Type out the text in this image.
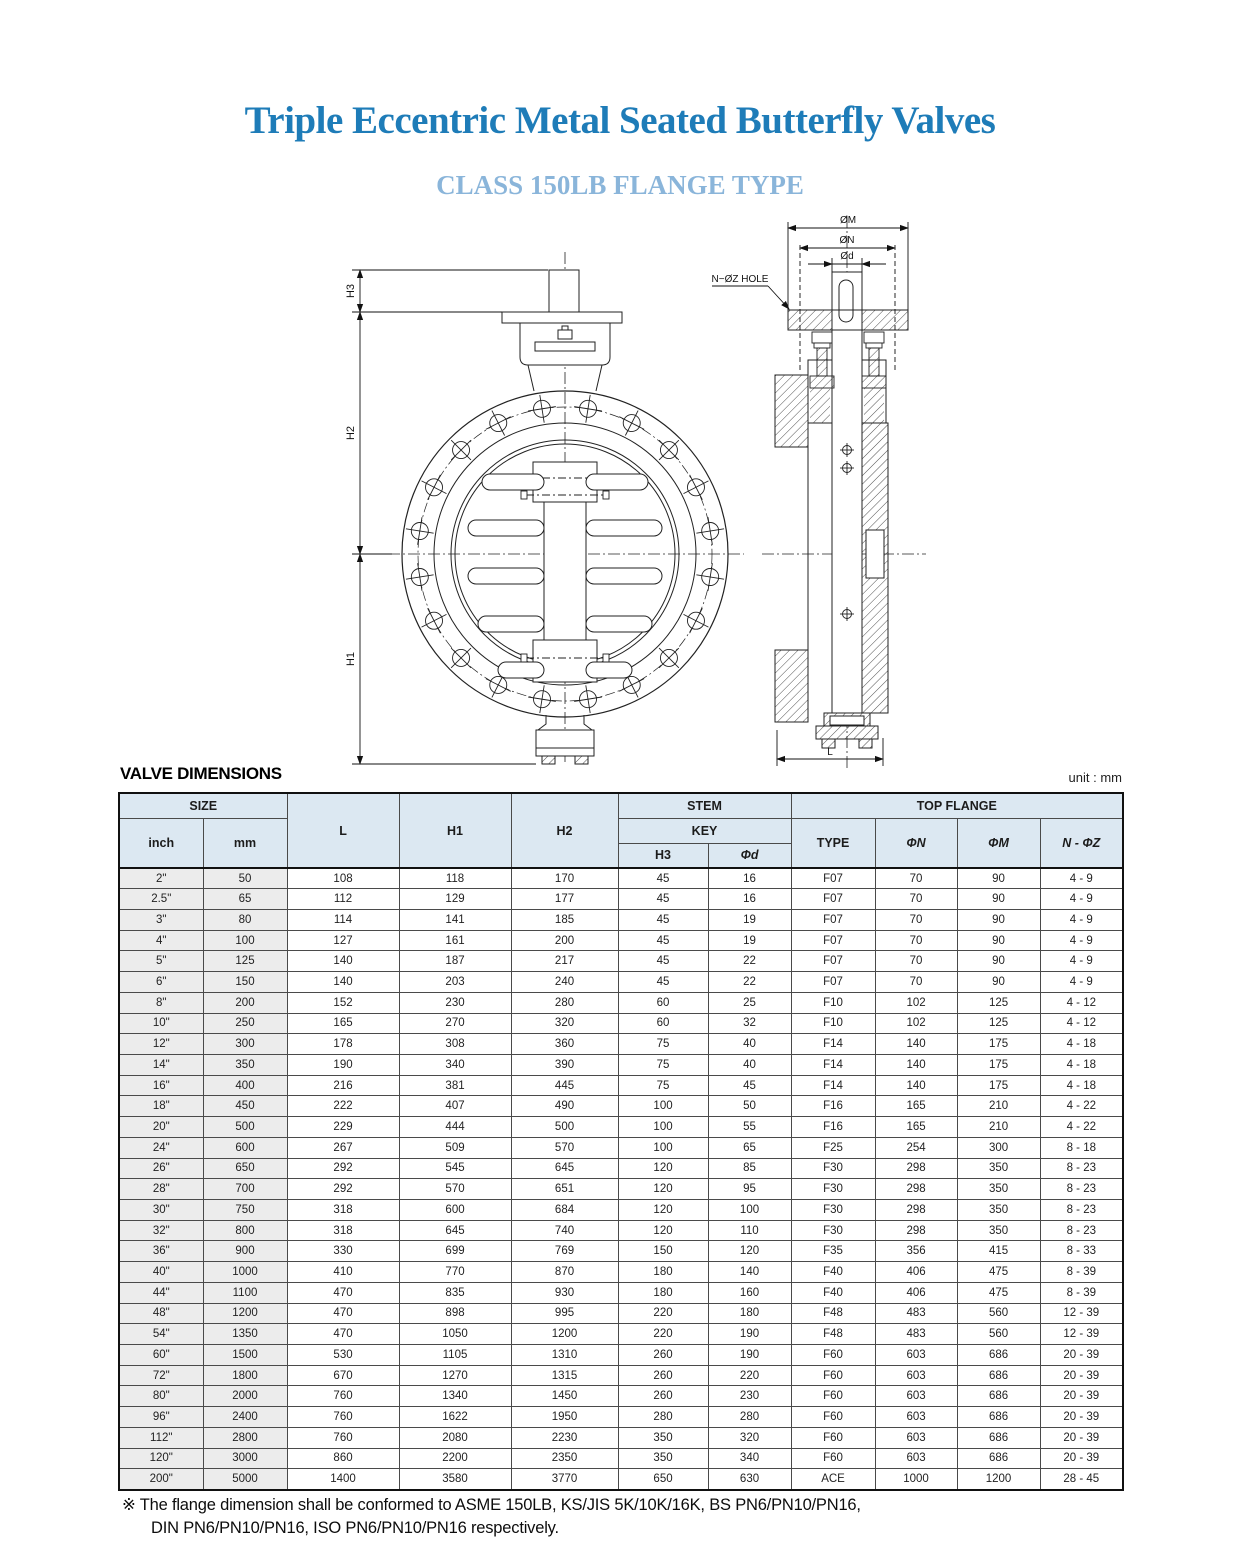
Triple Eccentric Metal Seated Butterfly Valves
CLASS 150LB FLANGE TYPE
H3
H2
H1
ØM
ØN
Ød
N−ØZ HOLE
L
VALVE DIMENSIONS	unit : mm
SIZE		L	H1	H2	STEM		TOP FLANGE			
inch	mm				KEY		TYPE	ΦN	ΦM	N - ΦZ
					H3	Φd				
2"	50	108	118	170	45	16	F07	70	90	4 - 9
2.5"	65	112	129	177	45	16	F07	70	90	4 - 9
3"	80	114	141	185	45	19	F07	70	90	4 - 9
4"	100	127	161	200	45	19	F07	70	90	4 - 9
5"	125	140	187	217	45	22	F07	70	90	4 - 9
6"	150	140	203	240	45	22	F07	70	90	4 - 9
8"	200	152	230	280	60	25	F10	102	125	4 - 12
10"	250	165	270	320	60	32	F10	102	125	4 - 12
12"	300	178	308	360	75	40	F14	140	175	4 - 18
14"	350	190	340	390	75	40	F14	140	175	4 - 18
16"	400	216	381	445	75	45	F14	140	175	4 - 18
18"	450	222	407	490	100	50	F16	165	210	4 - 22
20"	500	229	444	500	100	55	F16	165	210	4 - 22
24"	600	267	509	570	100	65	F25	254	300	8 - 18
26"	650	292	545	645	120	85	F30	298	350	8 - 23
28"	700	292	570	651	120	95	F30	298	350	8 - 23
30"	750	318	600	684	120	100	F30	298	350	8 - 23
32"	800	318	645	740	120	110	F30	298	350	8 - 23
36"	900	330	699	769	150	120	F35	356	415	8 - 33
40"	1000	410	770	870	180	140	F40	406	475	8 - 39
44"	1100	470	835	930	180	160	F40	406	475	8 - 39
48"	1200	470	898	995	220	180	F48	483	560	12 - 39
54"	1350	470	1050	1200	220	190	F48	483	560	12 - 39
60"	1500	530	1105	1310	260	190	F60	603	686	20 - 39
72"	1800	670	1270	1315	260	220	F60	603	686	20 - 39
80"	2000	760	1340	1450	260	230	F60	603	686	20 - 39
96"	2400	760	1622	1950	280	280	F60	603	686	20 - 39
112"	2800	760	2080	2230	350	320	F60	603	686	20 - 39
120"	3000	860	2200	2350	350	340	F60	603	686	20 - 39
200"	5000	1400	3580	3770	650	630	ACE	1000	1200	28 - 45
※ The flange dimension shall be conformed to ASME 150LB, KS/JIS 5K/10K/16K, BS PN6/PN10/PN16,
DIN PN6/PN10/PN16, ISO PN6/PN10/PN16 respectively.
